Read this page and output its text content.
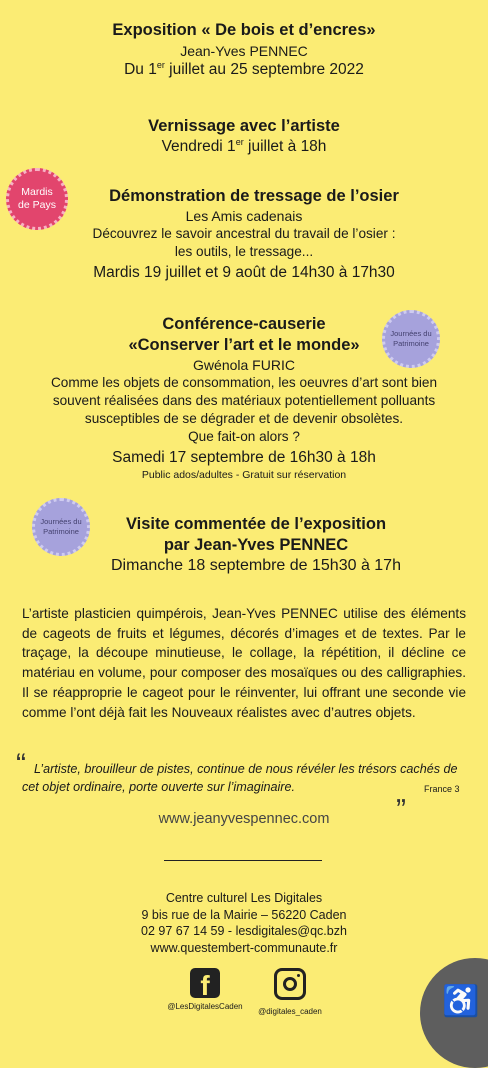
Exposition « De bois et d’encres»
Jean-Yves PENNEC
Du 1er juillet au 25 septembre 2022
Vernissage avec l’artiste
Vendredi 1er juillet à 18h
Mardis de Pays	Démonstration de tressage de l’osier
Les Amis cadenais
Découvrez le savoir ancestral du travail de l’osier :
les outils, le tressage...
Mardis 19 juillet et 9 août de 14h30 à 17h30
Journées du Patrimoine
Conférence-causerie
«Conserver l’art et le monde»
Gwénola FURIC
Comme les objets de consommation, les oeuvres d’art sont bien
souvent réalisées dans des matériaux potentiellement polluants
susceptibles de se dégrader et de devenir obsolètes.
Que fait-on alors ?
Samedi 17 septembre de 16h30 à 18h
Public ados/adultes - Gratuit sur réservation
Journées du Patrimoine	Visite commentée de l’exposition
par Jean-Yves PENNEC
Dimanche 18 septembre de 15h30 à 17h
L’artiste plasticien quimpérois, Jean-Yves PENNEC utilise des éléments de cageots de fruits et légumes, décorés d’images et de textes. Par le traçage, la découpe minutieuse, le collage, la répétition, il décline ce matériau en volume, pour composer des mosaïques ou des calligraphies. Il se réapproprie le cageot pour le réinventer, lui offrant une seconde vie comme l’ont déjà fait les Nouveaux réalistes avec d’autres objets.
“ L’artiste, brouilleur de pistes, continue de nous révéler les trésors cachés de cet objet ordinaire, porte ouverte sur l’imaginaire.	„ France 3
www.jeanyvespennec.com
Centre culturel Les Digitales
9 bis rue de la Mairie – 56220 Caden
02 97 67 14 59 - lesdigitales@qc.bzh
www.questembert-communaute.fr
f
@LesDigitalesCaden
@digitales_caden	♿
